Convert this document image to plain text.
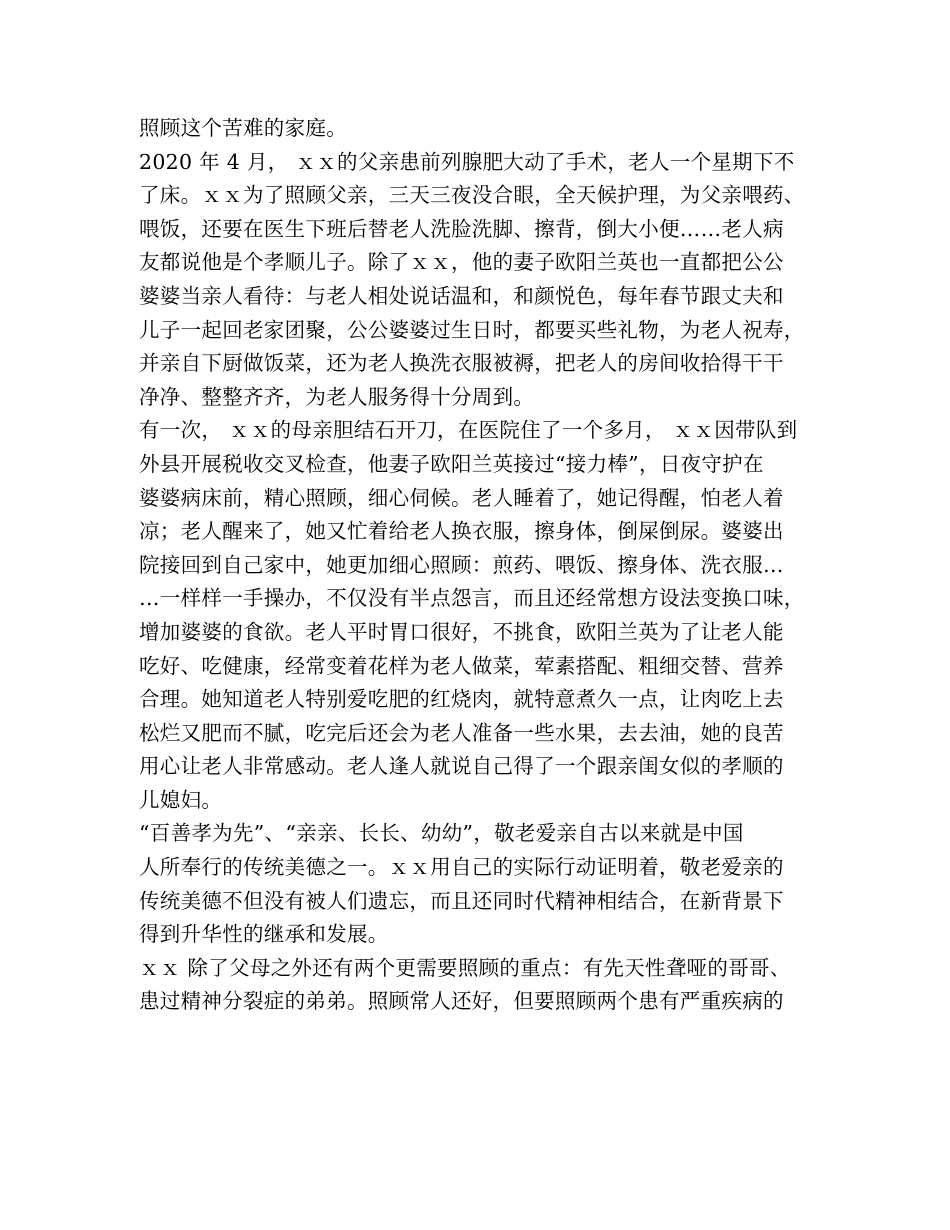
照顾这个苦难的家庭。
2020 年 4 月， ｘｘ的父亲患前列腺肥大动了手术，老人一个星期下不
了床。ｘｘ为了照顾父亲，三天三夜没合眼，全天候护理，为父亲喂药、
喂饭，还要在医生下班后替老人洗脸洗脚、擦背，倒大小便……老人病
友都说他是个孝顺儿子。除了ｘｘ，他的妻子欧阳兰英也一直都把公公
婆婆当亲人看待：与老人相处说话温和，和颜悦色，每年春节跟丈夫和
儿子一起回老家团聚，公公婆婆过生日时，都要买些礼物，为老人祝寿，
并亲自下厨做饭菜，还为老人换洗衣服被褥，把老人的房间收拾得干干
净净、整整齐齐，为老人服务得十分周到。
有一次， ｘｘ的母亲胆结石开刀，在医院住了一个多月， ｘｘ因带队到
外县开展税收交叉检查，他妻子欧阳兰英接过“接力棒”，日夜守护在
婆婆病床前，精心照顾，细心伺候。老人睡着了，她记得醒，怕老人着
凉；老人醒来了，她又忙着给老人换衣服，擦身体，倒屎倒尿。婆婆出
院接回到自己家中，她更加细心照顾：煎药、喂饭、擦身体、洗衣服…
…一样样一手操办，不仅没有半点怨言，而且还经常想方设法变换口味，
增加婆婆的食欲。老人平时胃口很好，不挑食，欧阳兰英为了让老人能
吃好、吃健康，经常变着花样为老人做菜，荤素搭配、粗细交替、营养
合理。她知道老人特别爱吃肥的红烧肉，就特意煮久一点，让肉吃上去
松烂又肥而不腻，吃完后还会为老人准备一些水果，去去油，她的良苦
用心让老人非常感动。老人逢人就说自己得了一个跟亲闺女似的孝顺的
儿媳妇。
“百善孝为先”、“亲亲、长长、幼幼”，敬老爱亲自古以来就是中国
人所奉行的传统美德之一。ｘｘ用自己的实际行动证明着，敬老爱亲的
传统美德不但没有被人们遗忘，而且还同时代精神相结合，在新背景下
得到升华性的继承和发展。
ｘｘ 除了父母之外还有两个更需要照顾的重点：有先天性聋哑的哥哥、
患过精神分裂症的弟弟。照顾常人还好，但要照顾两个患有严重疾病的
